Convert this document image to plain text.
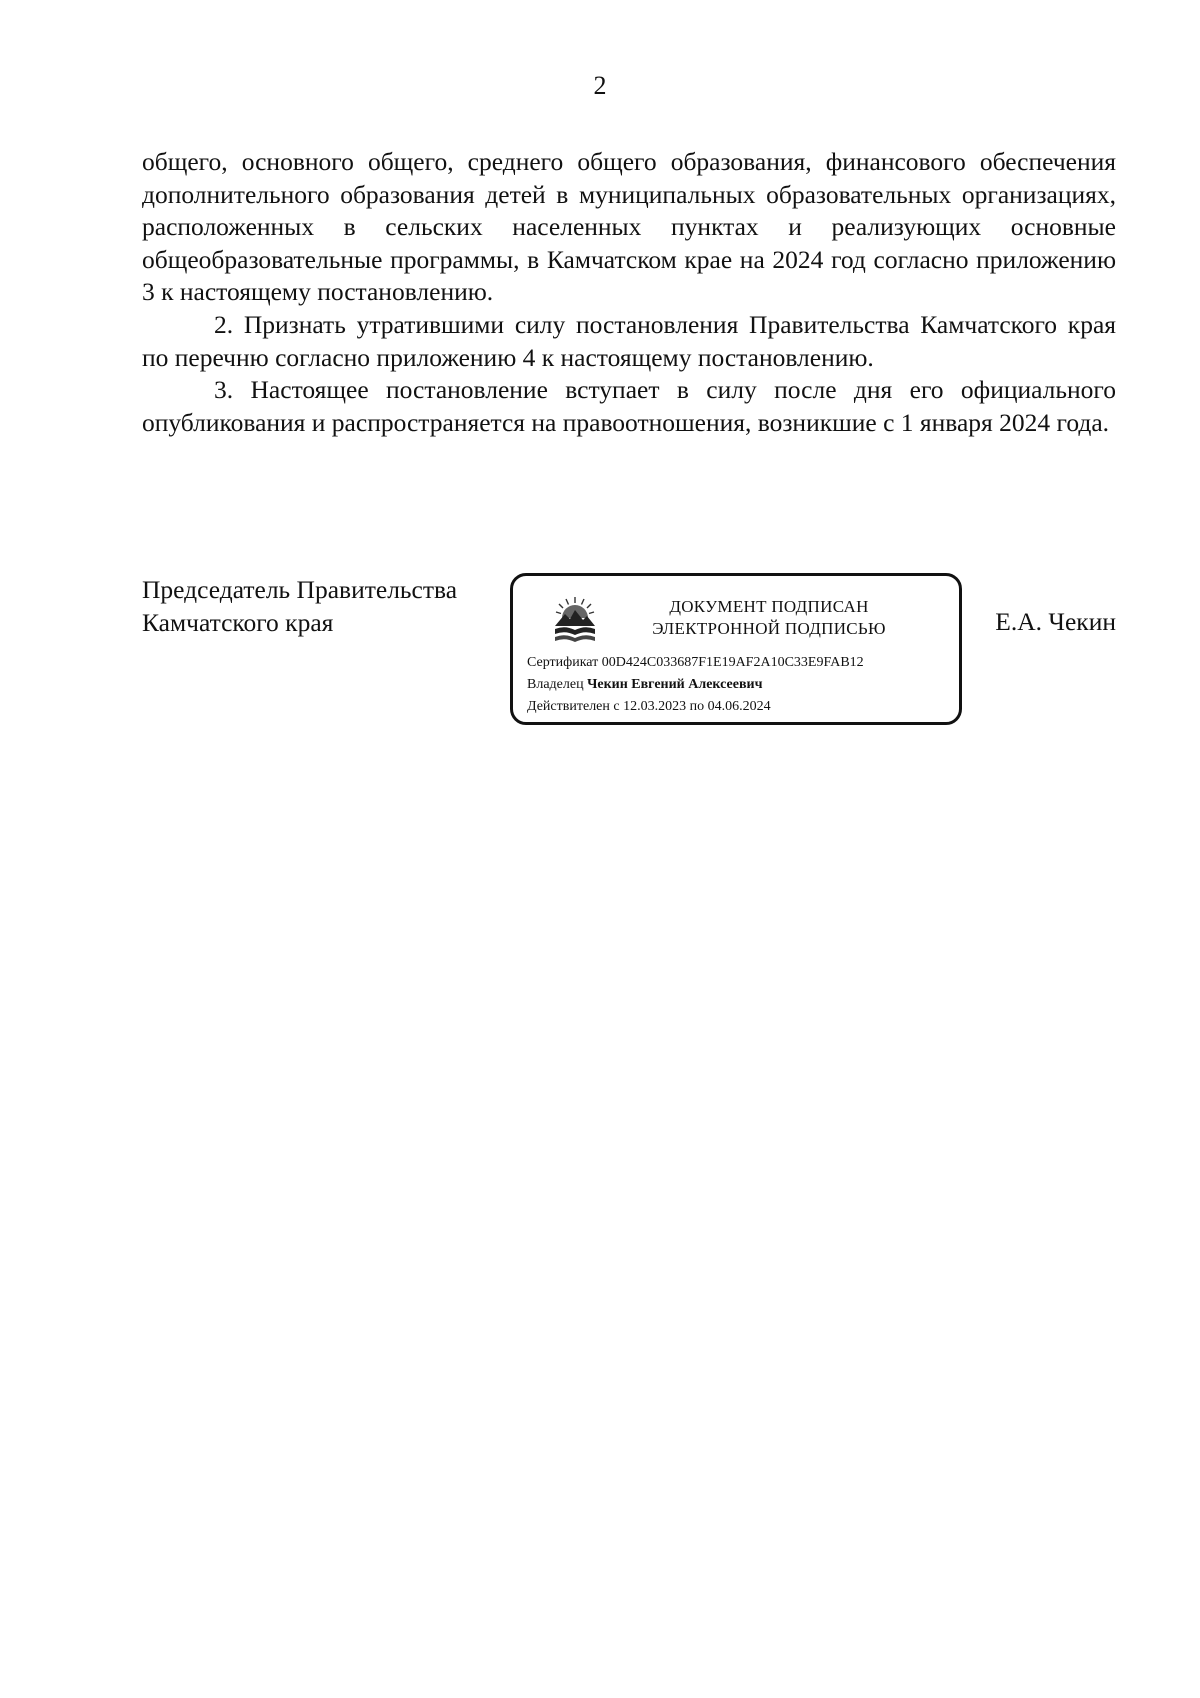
2

общего, основного общего, среднего общего образования, финансового обеспечения дополнительного образования детей в муниципальных образовательных организациях, расположенных в сельских населенных пунктах и реализующих основные общеобразовательные программы, в Камчатском крае на 2024 год согласно приложению 3 к настоящему постановлению.

2. Признать утратившими силу постановления Правительства Камчатского края по перечню согласно приложению 4 к настоящему постановлению.

3. Настоящее постановление вступает в силу после дня его официального опубликования и распространяется на правоотношения, возникшие с 1 января 2024 года.

Председатель Правительства
Камчатского края	Е.А. Чекин
ДОКУМЕНТ ПОДПИСАН
ЭЛЕКТРОННОЙ ПОДПИСЬЮ
Сертификат 00D424C033687F1E19AF2A10C33E9FAB12
Владелец Чекин Евгений Алексеевич
Действителен с 12.03.2023 по 04.06.2024
